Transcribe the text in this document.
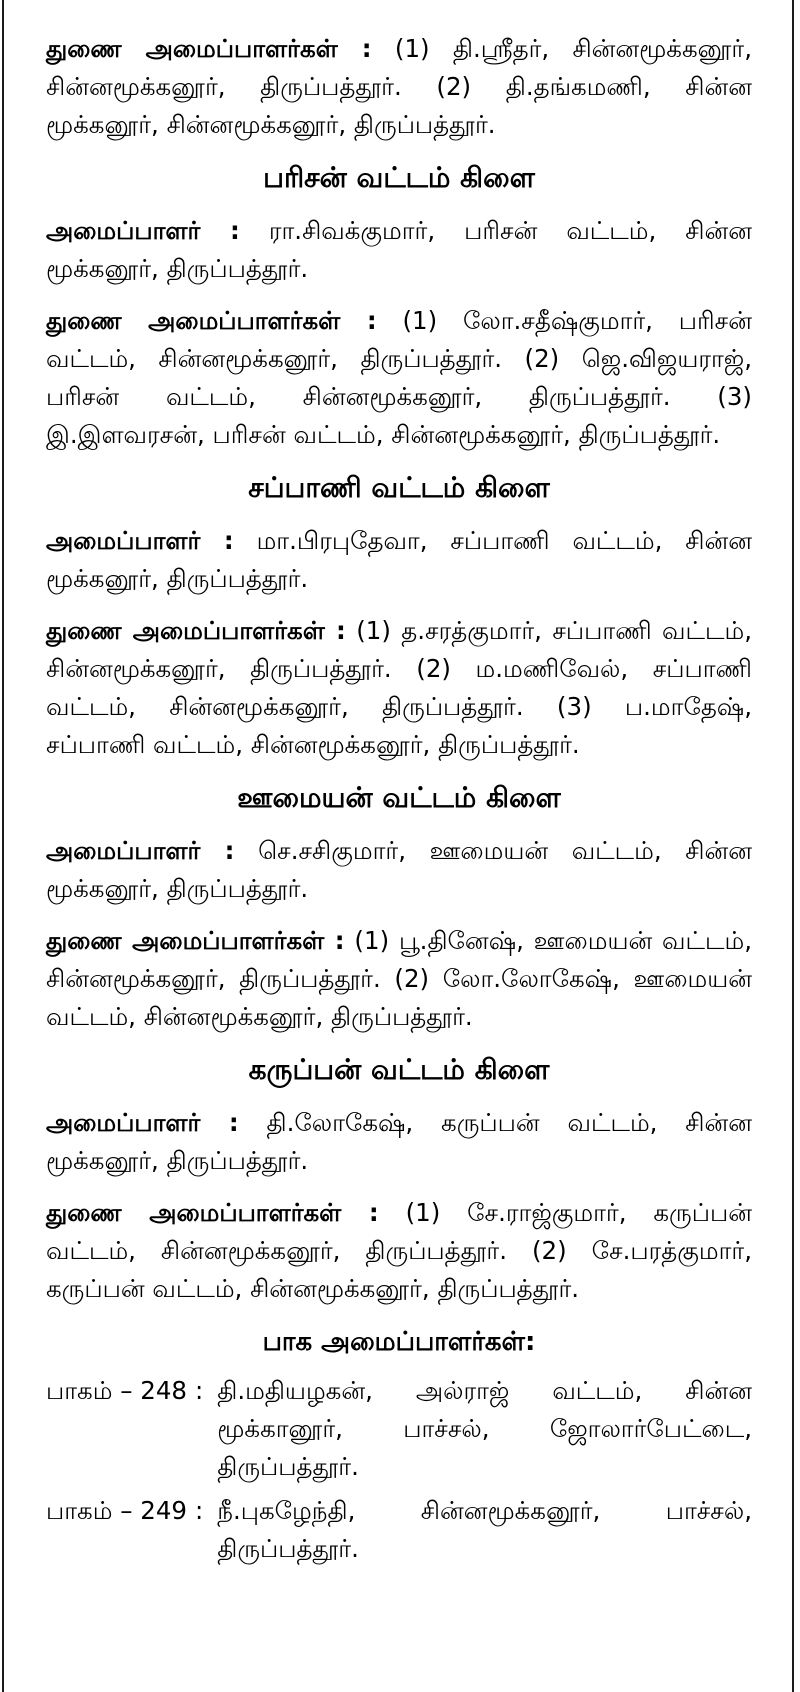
துணை அமைப்பாளர்கள் : (1) தி.ஸ்ரீதர், சின்னமூக்கனூர், சின்னமூக்கனூர், திருப்பத்தூர். (2) தி.தங்கமணி, சின்ன மூக்கனூர், சின்னமூக்கனூர், திருப்பத்தூர்.

பரிசன் வட்டம் கிளை

அமைப்பாளர் : ரா.சிவக்குமார், பரிசன் வட்டம், சின்ன மூக்கனூர், திருப்பத்தூர்.

துணை அமைப்பாளர்கள் : (1) லோ.சதீஷ்குமார், பரிசன் வட்டம், சின்னமூக்கனூர், திருப்பத்தூர். (2) ஜெ.விஜயராஜ், பரிசன் வட்டம், சின்னமூக்கனூர், திருப்பத்தூர். (3) இ.இளவரசன், பரிசன் வட்டம், சின்னமூக்கனூர், திருப்பத்தூர்.

சப்பாணி வட்டம் கிளை

அமைப்பாளர் : மா.பிரபுதேவா, சப்பாணி வட்டம், சின்ன மூக்கனூர், திருப்பத்தூர்.

துணை அமைப்பாளர்கள் : (1) த.சரத்குமார், சப்பாணி வட்டம், சின்னமூக்கனூர், திருப்பத்தூர். (2) ம.மணிவேல், சப்பாணி வட்டம், சின்னமூக்கனூர், திருப்பத்தூர். (3) ப.மாதேஷ், சப்பாணி வட்டம், சின்னமூக்கனூர், திருப்பத்தூர்.

ஊமையன் வட்டம் கிளை

அமைப்பாளர் : செ.சசிகுமார், ஊமையன் வட்டம், சின்ன மூக்கனூர், திருப்பத்தூர்.

துணை அமைப்பாளர்கள் : (1) பூ.தினேஷ், ஊமையன் வட்டம், சின்னமூக்கனூர், திருப்பத்தூர். (2) லோ.லோகேஷ், ஊமையன் வட்டம், சின்னமூக்கனூர், திருப்பத்தூர்.

கருப்பன் வட்டம் கிளை

அமைப்பாளர் : தி.லோகேஷ், கருப்பன் வட்டம், சின்ன மூக்கனூர், திருப்பத்தூர்.

துணை அமைப்பாளர்கள் : (1) சே.ராஜ்குமார், கருப்பன் வட்டம், சின்னமூக்கனூர், திருப்பத்தூர். (2) சே.பரத்குமார், கருப்பன் வட்டம், சின்னமூக்கனூர், திருப்பத்தூர்.

பாக அமைப்பாளர்கள்:
பாகம் – 248 : தி.மதியழகன், அல்ராஜ் வட்டம், சின்ன மூக்கானூர், பாச்சல், ஜோலார்பேட்டை, திருப்பத்தூர்.
பாகம் – 249 : நீ.புகழேந்தி, சின்னமூக்கனூர், பாச்சல், திருப்பத்தூர்.
